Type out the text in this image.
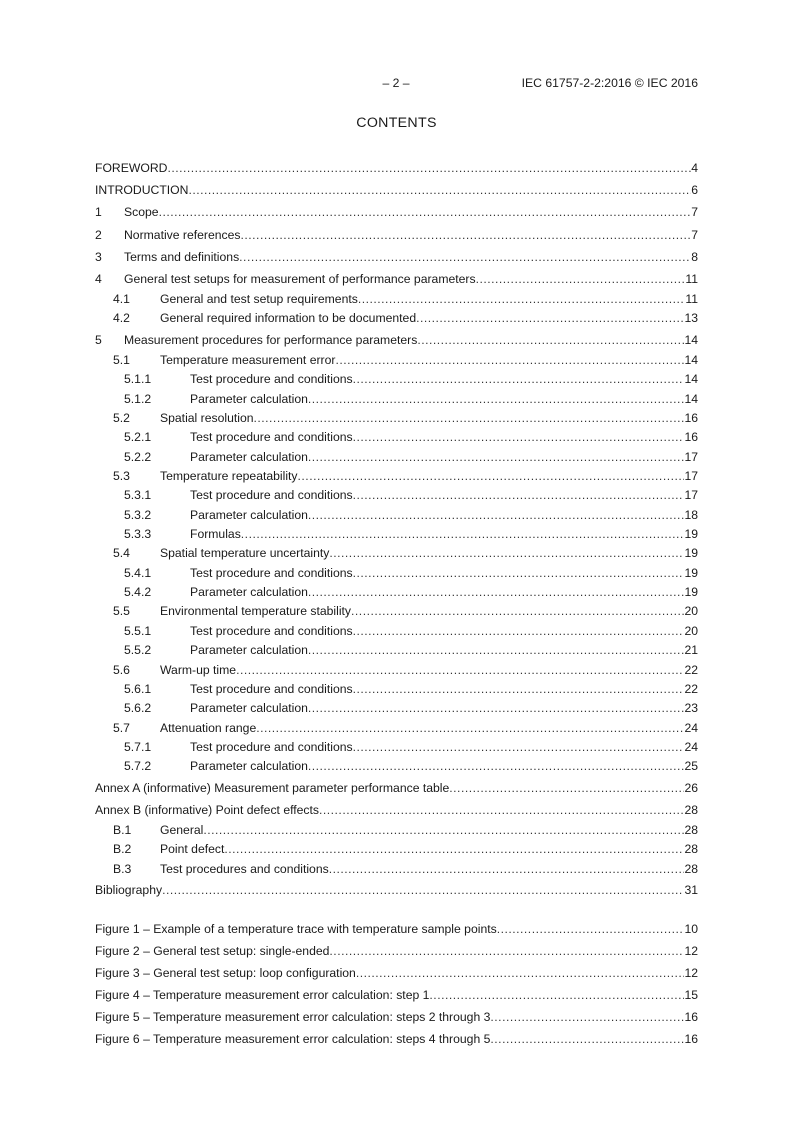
– 2 –	IEC 61757-2-2:2016 © IEC 2016
CONTENTS
FOREWORD .....	4
INTRODUCTION .....	6
1	Scope .....	7
2	Normative references .....	7
3	Terms and definitions .....	8
4	General test setups for measurement of performance parameters .....	11
4.1	General and test setup requirements .....	11
4.2	General required information to be documented .....	13
5	Measurement procedures for performance parameters .....	14
5.1	Temperature measurement error .....	14
5.1.1	Test procedure and conditions .....	14
5.1.2	Parameter calculation .....	14
5.2	Spatial resolution .....	16
5.2.1	Test procedure and conditions .....	16
5.2.2	Parameter calculation .....	17
5.3	Temperature repeatability .....	17
5.3.1	Test procedure and conditions .....	17
5.3.2	Parameter calculation .....	18
5.3.3	Formulas .....	19
5.4	Spatial temperature uncertainty .....	19
5.4.1	Test procedure and conditions .....	19
5.4.2	Parameter calculation .....	19
5.5	Environmental temperature stability .....	20
5.5.1	Test procedure and conditions .....	20
5.5.2	Parameter calculation .....	21
5.6	Warm-up time .....	22
5.6.1	Test procedure and conditions .....	22
5.6.2	Parameter calculation .....	23
5.7	Attenuation range .....	24
5.7.1	Test procedure and conditions .....	24
5.7.2	Parameter calculation .....	25
Annex A (informative) Measurement parameter performance table .....	26
Annex B (informative) Point defect effects .....	28
B.1	General .....	28
B.2	Point defect .....	28
B.3	Test procedures and conditions .....	28
Bibliography .....	31
Figure 1 – Example of a temperature trace with temperature sample points .....	10
Figure 2 – General test setup: single-ended .....	12
Figure 3 – General test setup: loop configuration .....	12
Figure 4 – Temperature measurement error calculation: step 1 .....	15
Figure 5 – Temperature measurement error calculation: steps 2 through 3 .....	16
Figure 6 – Temperature measurement error calculation: steps 4 through 5 .....	16
